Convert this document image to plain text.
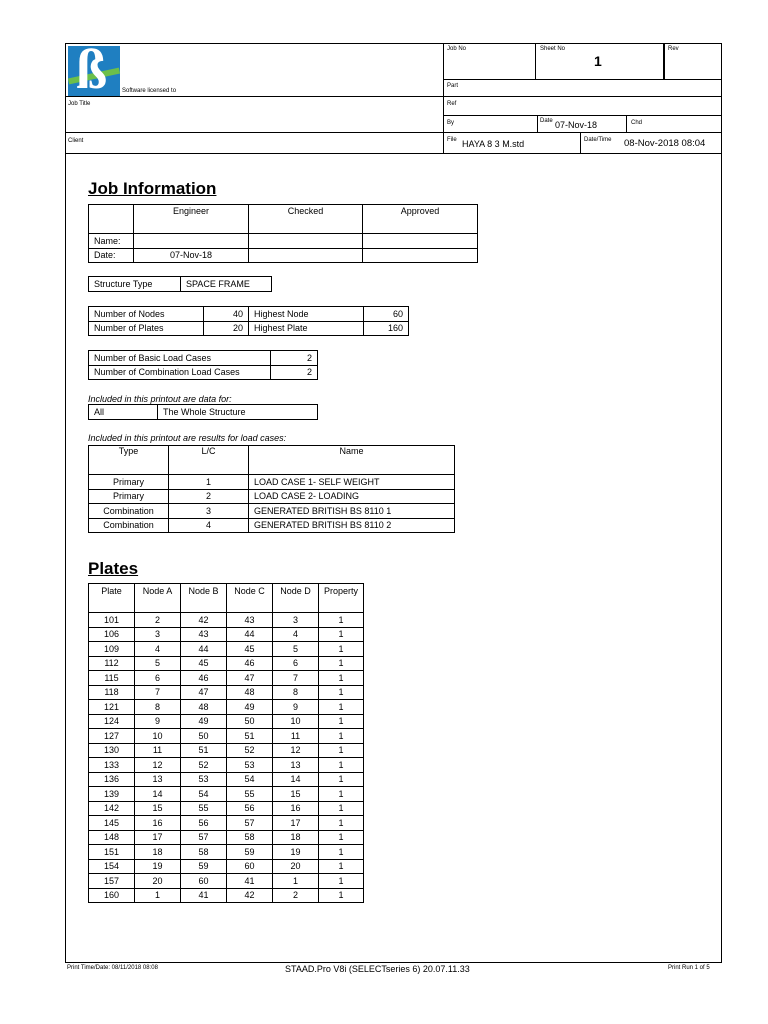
ß	Software licensed to
Job Title
Client
Job No	Sheet No
1
Rev
Part
Ref
By	Date 07-Nov-18	Chd
File HAYA 8 3 M.std	Date/Time 08-Nov-2018 08:04
Job Information
	Engineer	Checked	Approved
Name:			
Date:	07-Nov-18		
Structure Type	SPACE FRAME
Number of Nodes	40	Highest Node	60
Number of Plates	20	Highest Plate	160
Number of Basic Load Cases	2
Number of Combination Load Cases	2
Included in this printout are data for:
All	The Whole Structure
Included in this printout are results for load cases:
Type	L/C	Name
Primary	1	LOAD CASE 1- SELF WEIGHT
Primary	2	LOAD CASE 2- LOADING
Combination	3	GENERATED BRITISH BS 8110 1
Combination	4	GENERATED BRITISH BS 8110 2
Plates
Plate	Node A	Node B	Node C	Node D	Property
101	2	42	43	3	1
106	3	43	44	4	1
109	4	44	45	5	1
112	5	45	46	6	1
115	6	46	47	7	1
118	7	47	48	8	1
121	8	48	49	9	1
124	9	49	50	10	1
127	10	50	51	11	1
130	11	51	52	12	1
133	12	52	53	13	1
136	13	53	54	14	1
139	14	54	55	15	1
142	15	55	56	16	1
145	16	56	57	17	1
148	17	57	58	18	1
151	18	58	59	19	1
154	19	59	60	20	1
157	20	60	41	1	1
160	1	41	42	2	1
Print Time/Date: 08/11/2018 08:08	STAAD.Pro V8i (SELECTseries 6) 20.07.11.33	Print Run 1 of 5
